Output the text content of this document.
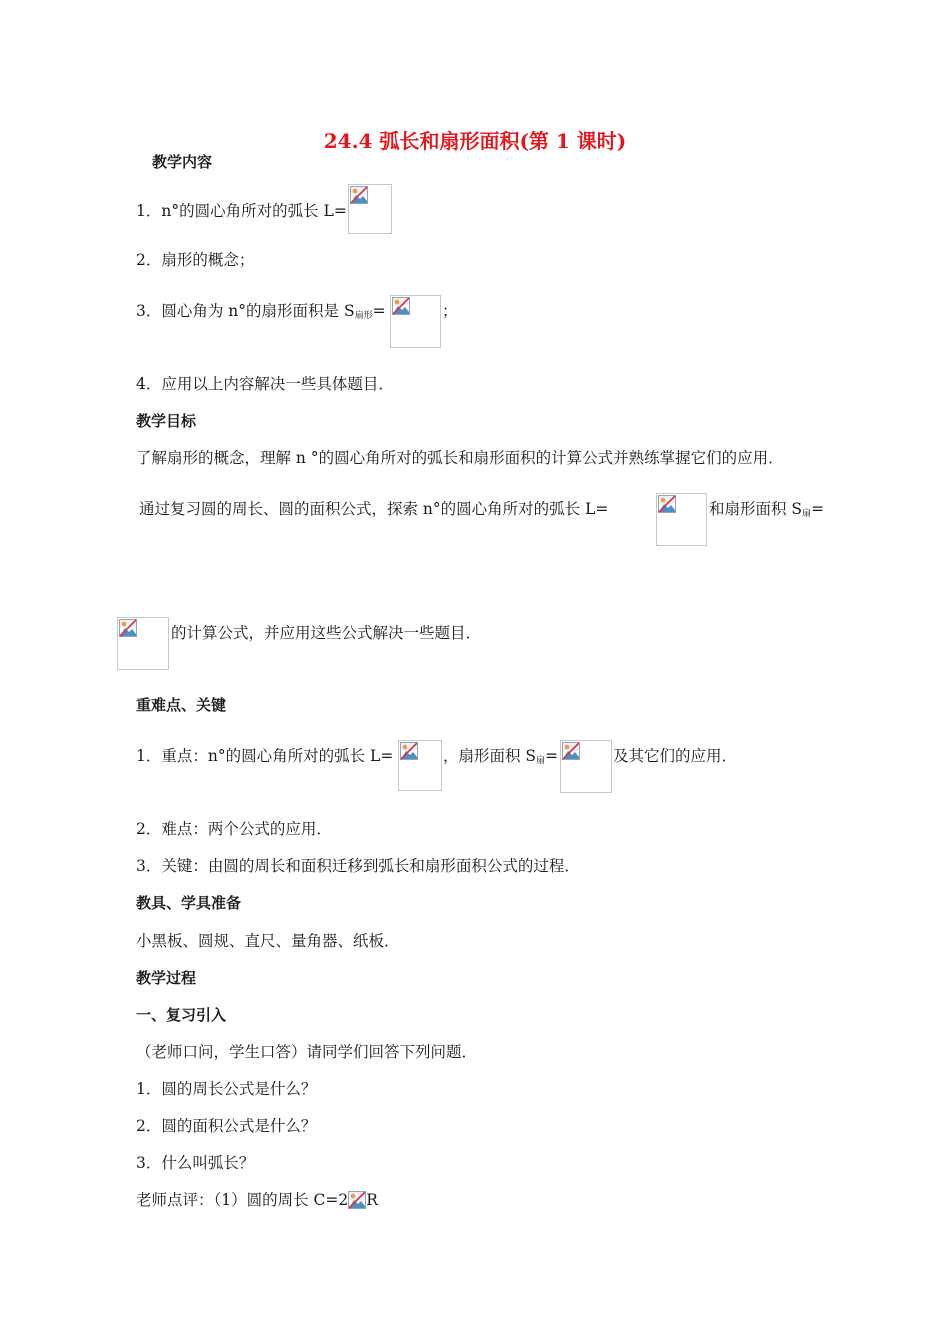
24.4 弧长和扇形面积(第 1 课时)
教学内容
1．n°的圆心角所对的弧长 L=
2．扇形的概念；
3．圆心角为 n°的扇形面积是 $S_{扇形}=$	；
4．应用以上内容解决一些具体题目．
教学目标
了解扇形的概念，理解 n °的圆心角所对的弧长和扇形面积的计算公式并熟练掌握它们的应用．
通过复习圆的周长、圆的面积公式，探索 n°的圆心角所对的弧长 L=	和扇形面积 $S_扇=$
的计算公式，并应用这些公式解决一些题目．
重难点、关键
1．重点：n°的圆心角所对的弧长 L=	，扇形面积 $S_扇=$	及其它们的应用．
2．难点：两个公式的应用．
3．关键：由圆的周长和面积迁移到弧长和扇形面积公式的过程．
教具、学具准备
小黑板、圆规、直尺、量角器、纸板．
教学过程
一、复习引入
（老师口问，学生口答）请同学们回答下列问题．
1．圆的周长公式是什么？
2．圆的面积公式是什么？
3．什么叫弧长？
老师点评：（1）圆的周长 C=2 R
